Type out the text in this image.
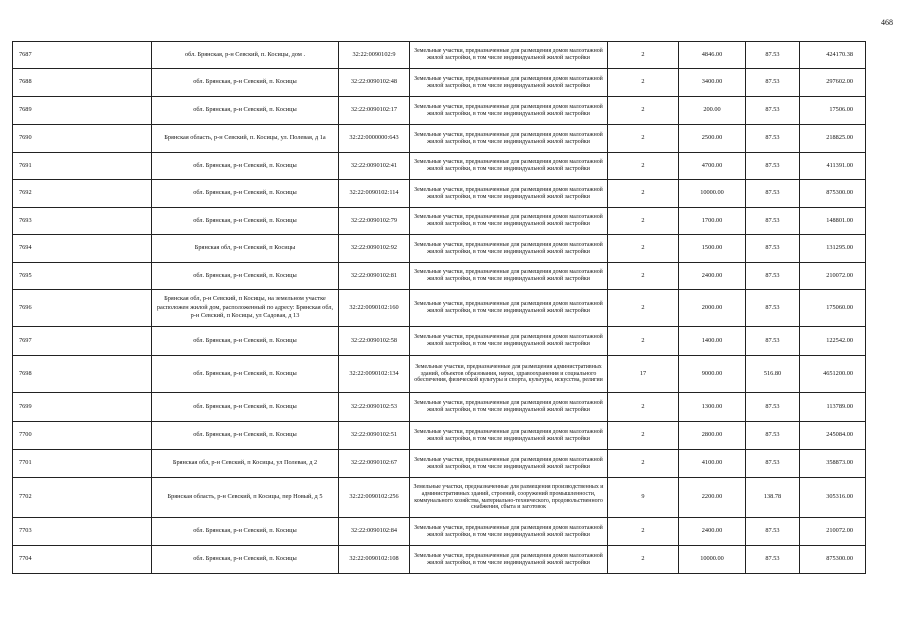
468
7687	обл. Брянская, р-н Севский, п. Косицы, дом .	32:22:0090102:9	Земельные участки, предназначенные для размещения домов малоэтажной жилой застройки, в том числе индивидуальной жилой застройки	2	4846.00	87.53	424170.38
7688	обл. Брянская, р-н Севский, п. Косицы	32:22:0090102:48	Земельные участки, предназначенные для размещения домов малоэтажной жилой застройки, в том числе индивидуальной жилой застройки	2	3400.00	87.53	297602.00
7689	обл. Брянская, р-н Севский, п. Косицы	32:22:0090102:17	Земельные участки, предназначенные для размещения домов малоэтажной жилой застройки, в том числе индивидуальной жилой застройки	2	200.00	87.53	17506.00
7690	Брянская область, р-н Севский, п. Косицы, ул. Полевая, д 1а	32:22:0000000:643	Земельные участки, предназначенные для размещения домов малоэтажной жилой застройки, в том числе индивидуальной жилой застройки	2	2500.00	87.53	218825.00
7691	обл. Брянская, р-н Севский, п. Косицы	32:22:0090102:41	Земельные участки, предназначенные для размещения домов малоэтажной жилой застройки, в том числе индивидуальной жилой застройки	2	4700.00	87.53	411391.00
7692	обл. Брянская, р-н Севский, п. Косицы	32:22:0090102:114	Земельные участки, предназначенные для размещения домов малоэтажной жилой застройки, в том числе индивидуальной жилой застройки	2	10000.00	87.53	875300.00
7693	обл. Брянская, р-н Севский, п. Косицы	32:22:0090102:79	Земельные участки, предназначенные для размещения домов малоэтажной жилой застройки, в том числе индивидуальной жилой застройки	2	1700.00	87.53	148801.00
7694	Брянская обл, р-н Севский, п Косицы	32:22:0090102:92	Земельные участки, предназначенные для размещения домов малоэтажной жилой застройки, в том числе индивидуальной жилой застройки	2	1500.00	87.53	131295.00
7695	обл. Брянская, р-н Севский, п. Косицы	32:22:0090102:81	Земельные участки, предназначенные для размещения домов малоэтажной жилой застройки, в том числе индивидуальной жилой застройки	2	2400.00	87.53	210072.00
7696	Брянская обл, р-н Севский, п Косицы, на земельном участке расположен жилой дом, расположенный по адресу: Брянская обл, р-н Севский, п Косицы, ул Садовая, д 13	32:22:0090102:160	Земельные участки, предназначенные для размещения домов малоэтажной жилой застройки, в том числе индивидуальной жилой застройки	2	2000.00	87.53	175060.00
7697	обл. Брянская, р-н Севский, п. Косицы	32:22:0090102:58	Земельные участки, предназначенные для размещения домов малоэтажной жилой застройки, в том числе индивидуальной жилой застройки	2	1400.00	87.53	122542.00
7698	обл. Брянская, р-н Севский, п. Косицы	32:22:0090102:134	Земельные участки, предназначенные для размещения административных зданий, объектов образования, науки, здравоохранения и социального обеспечения, физической культуры и спорта, культуры, искусства, религии	17	9000.00	516.80	4651200.00
7699	обл. Брянская, р-н Севский, п. Косицы	32:22:0090102:53	Земельные участки, предназначенные для размещения домов малоэтажной жилой застройки, в том числе индивидуальной жилой застройки	2	1300.00	87.53	113789.00
7700	обл. Брянская, р-н Севский, п. Косицы	32:22:0090102:51	Земельные участки, предназначенные для размещения домов малоэтажной жилой застройки, в том числе индивидуальной жилой застройки	2	2800.00	87.53	245084.00
7701	Брянская обл, р-н Севский, п Косицы, ул Полевая, д 2	32:22:0090102:67	Земельные участки, предназначенные для размещения домов малоэтажной жилой застройки, в том числе индивидуальной жилой застройки	2	4100.00	87.53	358873.00
7702	Брянская область, р-н Севский, п Косицы, пер Новый, д 5	32:22:0090102:256	Земельные участки, предназначенные для размещения производственных и административных зданий, строений, сооружений промышленности, коммунального хозяйства, материально-технического, продовольственного снабжения, сбыта и заготовок	9	2200.00	138.78	305316.00
7703	обл. Брянская, р-н Севский, п. Косицы	32:22:0090102:84	Земельные участки, предназначенные для размещения домов малоэтажной жилой застройки, в том числе индивидуальной жилой застройки	2	2400.00	87.53	210072.00
7704	обл. Брянская, р-н Севский, п. Косицы	32:22:0090102:108	Земельные участки, предназначенные для размещения домов малоэтажной жилой застройки, в том числе индивидуальной жилой застройки	2	10000.00	87.53	875300.00
